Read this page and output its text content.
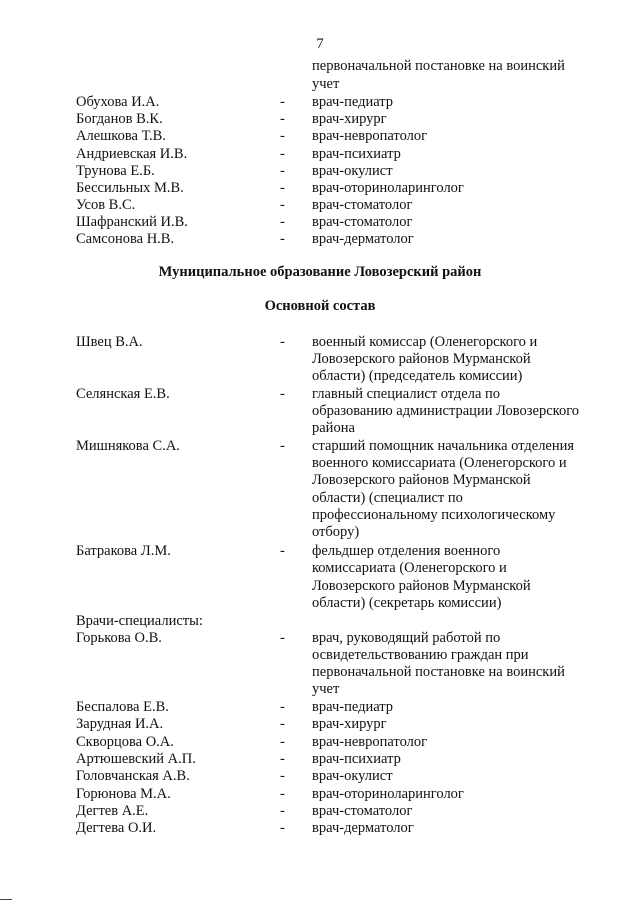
7
первоначальной постановке на воинский
учет
Обухова И.А.	- врач-педиатр
Богданов В.К.	- врач-хирург
Алешкова Т.В.	- врач-невропатолог
Андриевская И.В.	- врач-психиатр
Трунова Е.Б.	- врач-окулист
Бессильных М.В.	- врач-оториноларинголог
Усов В.С.	- врач-стоматолог
Шафранский И.В.	- врач-стоматолог
Самсонова Н.В.	- врач-дерматолог
Муниципальное образование Ловозерский район
Основной состав
Швец В.А.	- военный комиссар (Оленегорского и
Ловозерского районов Мурманской
области) (председатель комиссии)
Селянская Е.В.	- главный специалист отдела по
образованию администрации Ловозерского
района
Мишнякова С.А.	- старший помощник начальника отделения
военного комиссариата (Оленегорского и
Ловозерского районов Мурманской
области) (специалист по
профессиональному психологическому
отбору)
Батракова Л.М.	- фельдшер отделения военного
комиссариата (Оленегорского и
Ловозерского районов Мурманской
области) (секретарь комиссии)
Врачи-специалисты:
Горькова О.В.	- врач, руководящий работой по
освидетельствованию граждан при
первоначальной постановке на воинский
учет
Беспалова Е.В.	- врач-педиатр
Зарудная И.А.	- врач-хирург
Скворцова О.А.	- врач-невропатолог
Артюшевский А.П.	- врач-психиатр
Головчанская А.В.	- врач-окулист
Горюнова М.А.	- врач-оториноларинголог
Дегтев А.Е.	- врач-стоматолог
Дегтева О.И.	- врач-дерматолог
